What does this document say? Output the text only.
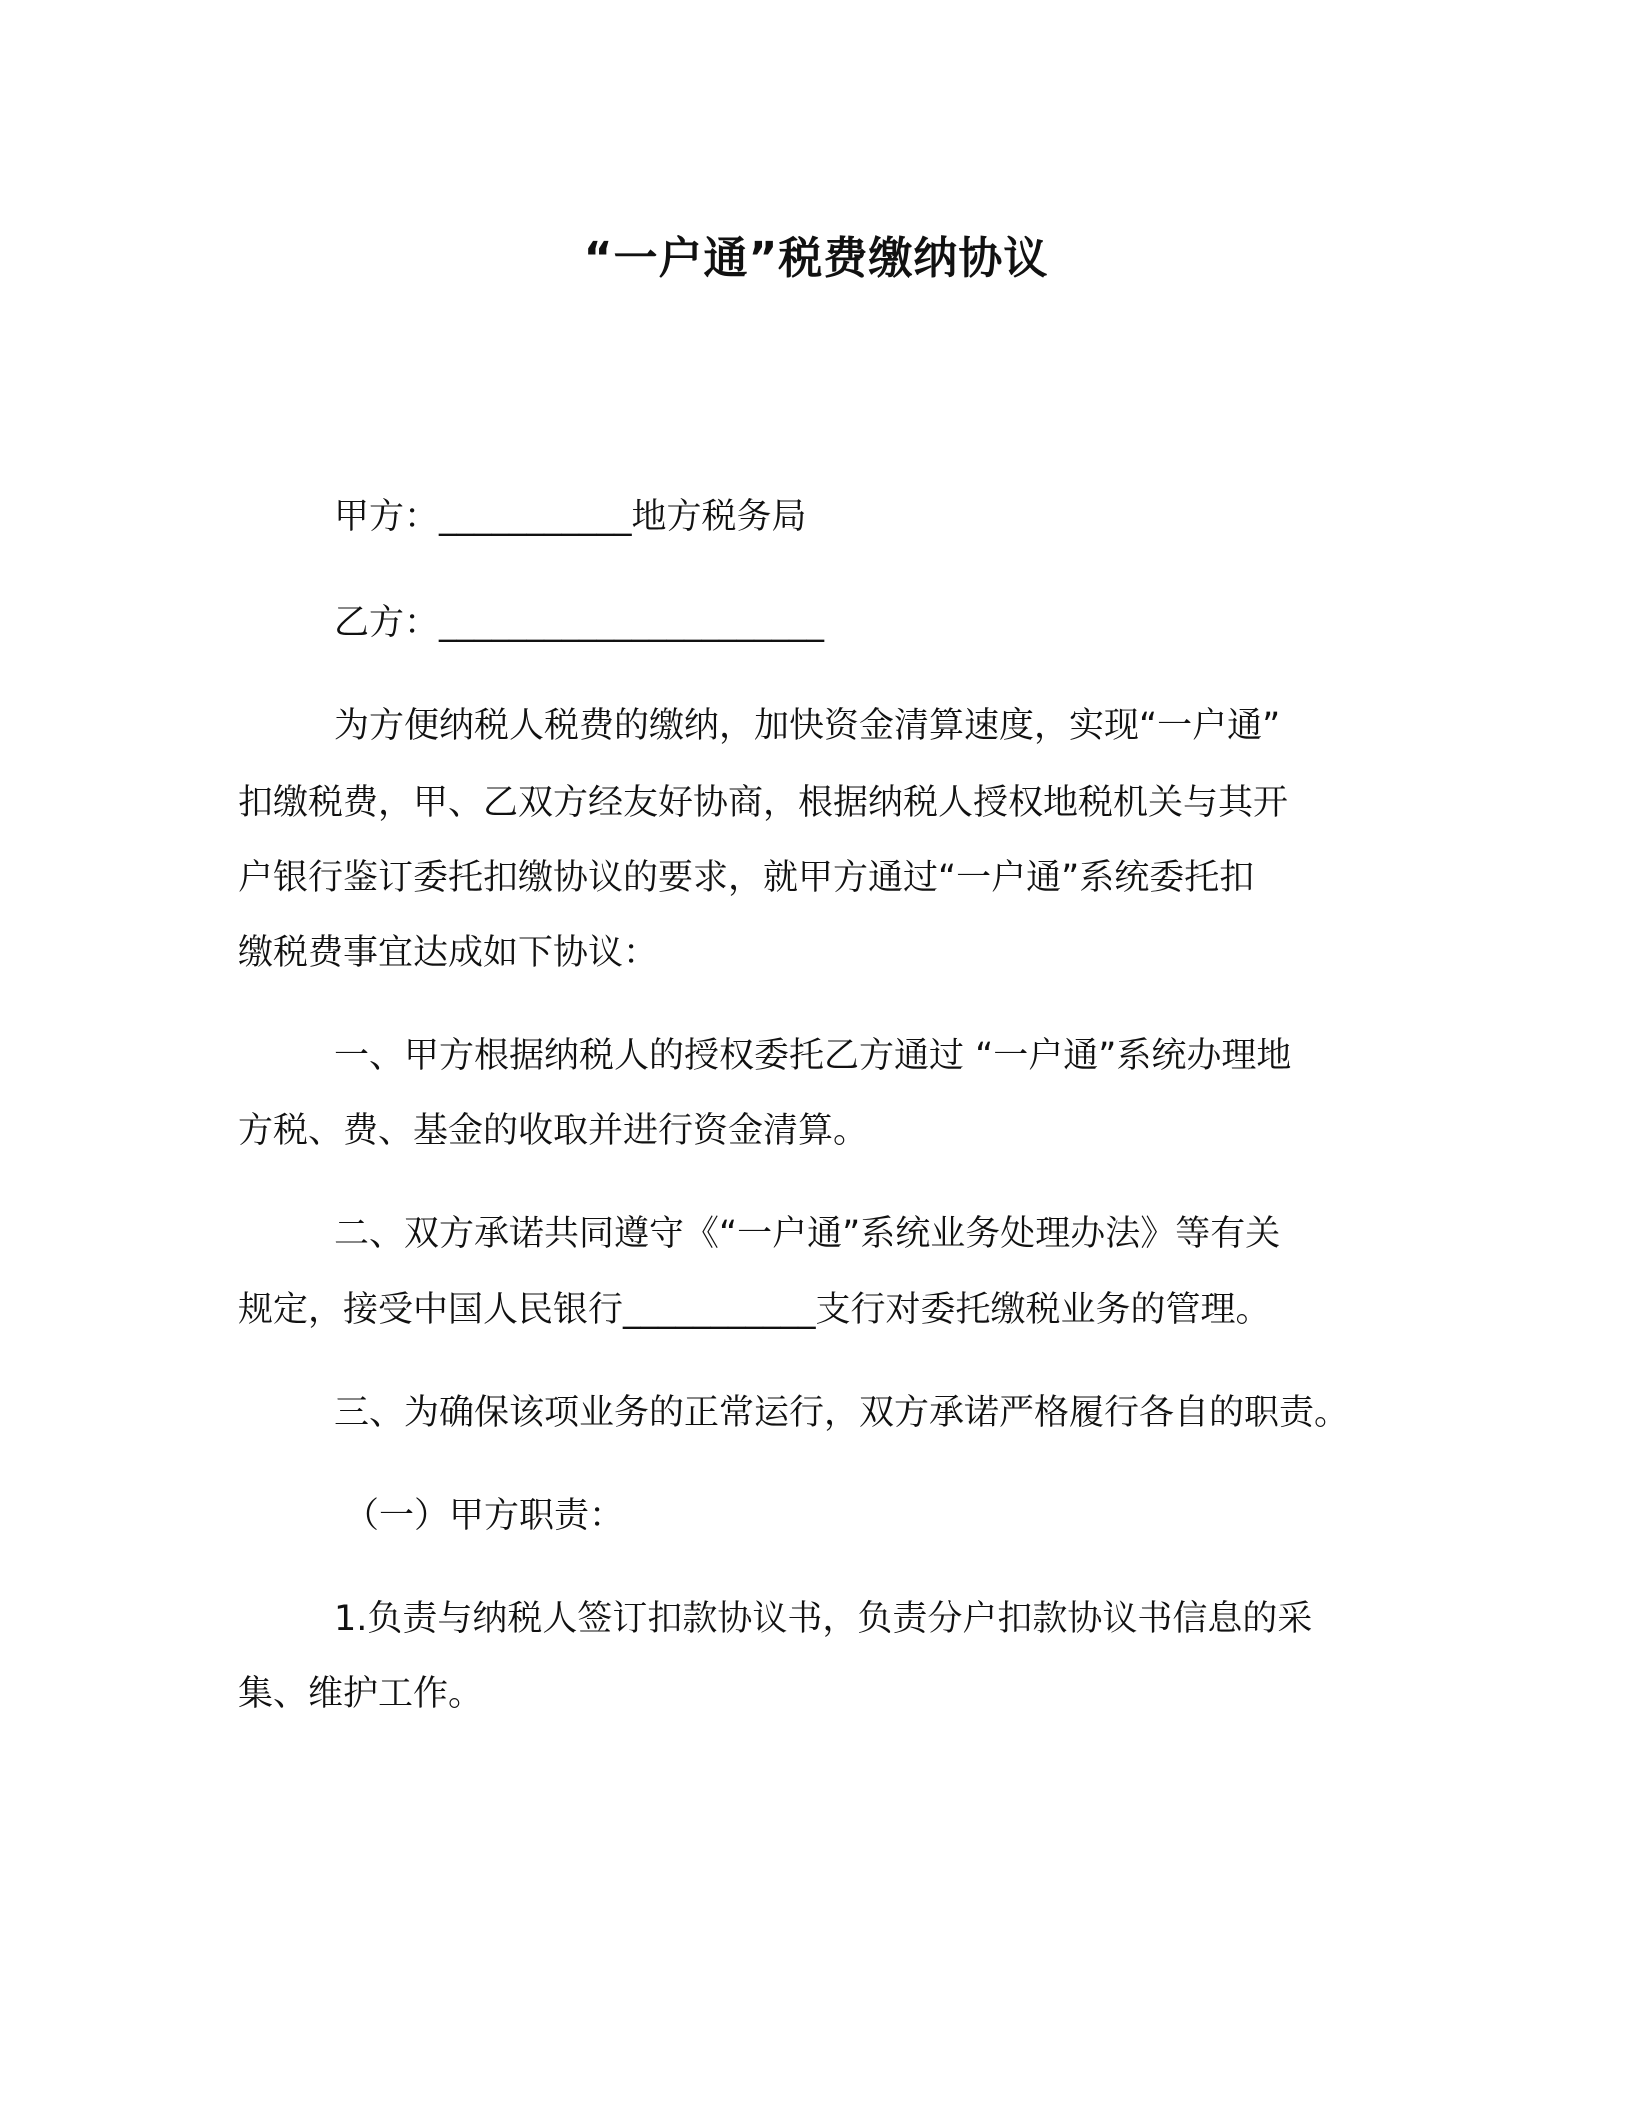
“一户通”税费缴纳协议
甲方：___________地方税务局
乙方：______________________
为方便纳税人税费的缴纳，加快资金清算速度，实现“一户通”
扣缴税费，甲、乙双方经友好协商，根据纳税人授权地税机关与其开
户银行鉴订委托扣缴协议的要求，就甲方通过“一户通”系统委托扣
缴税费事宜达成如下协议：
一、甲方根据纳税人的授权委托乙方通过 “一户通”系统办理地
方税、费、基金的收取并进行资金清算。
二、双方承诺共同遵守《“一户通”系统业务处理办法》等有关
规定，接受中国人民银行___________支行对委托缴税业务的管理。
三、为确保该项业务的正常运行，双方承诺严格履行各自的职责。
（一）甲方职责：
1.负责与纳税人签订扣款协议书，负责分户扣款协议书信息的采
集、维护工作。
